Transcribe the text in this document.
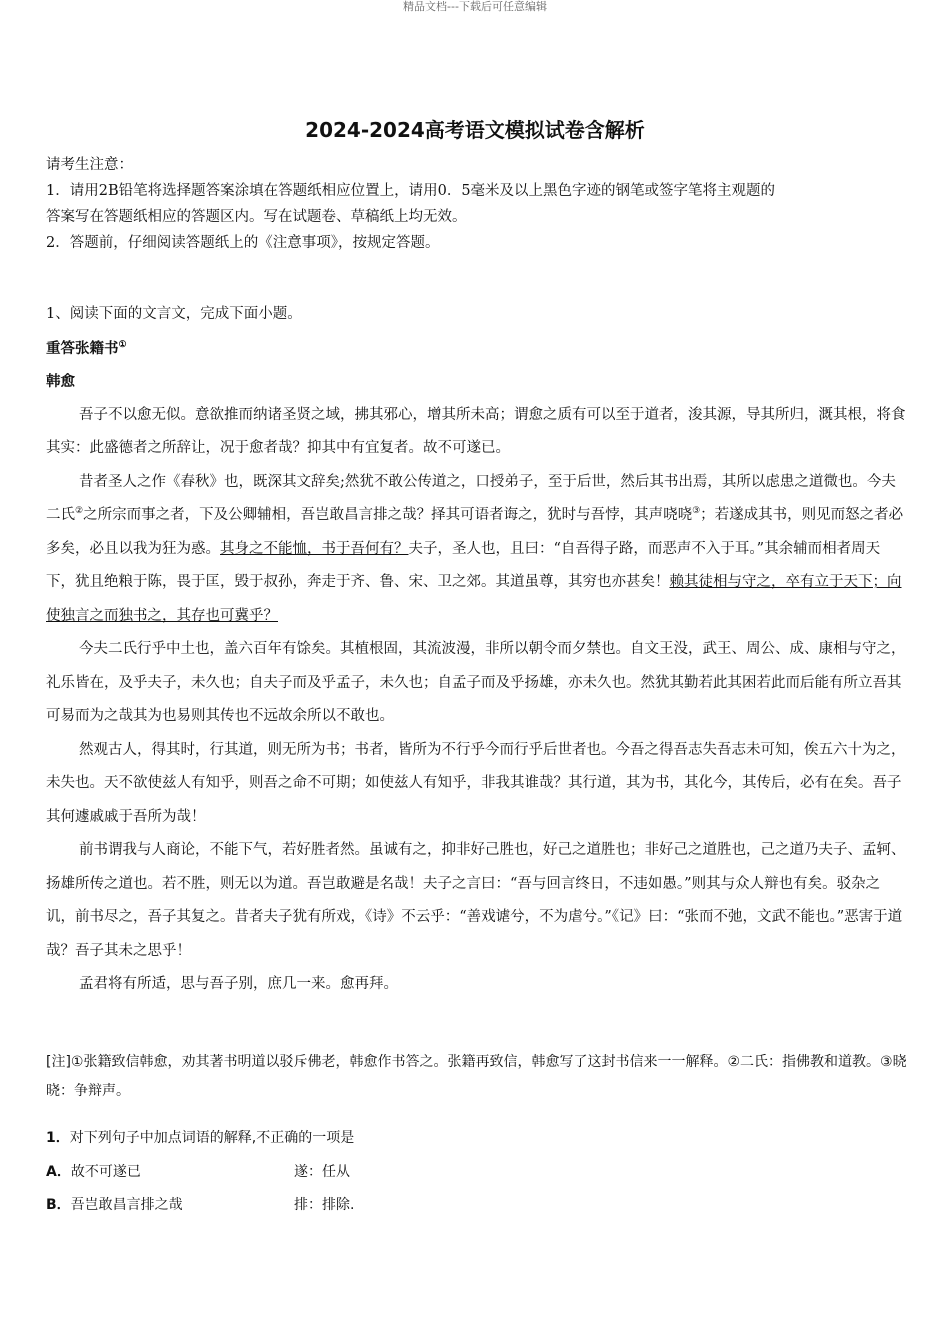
精品文档---下载后可任意编辑
2024-2024高考语文模拟试卷含解析
请考生注意：
1．请用2B铅笔将选择题答案涂填在答题纸相应位置上，请用0．5毫米及以上黑色字迹的钢笔或签字笔将主观题的
答案写在答题纸相应的答题区内。写在试题卷、草稿纸上均无效。
2．答题前，仔细阅读答题纸上的《注意事项》，按规定答题。
1、阅读下面的文言文，完成下面小题。
重答张籍书①
韩愈
吾子不以愈无似。意欲推而纳诸圣贤之域，拂其邪心，增其所未高；谓愈之质有可以至于道者，浚其源，导其所归，溉其根，将食其实：此盛德者之所辞让，况于愈者哉？抑其中有宜复者。故不可遂已。
昔者圣人之作《春秋》也，既深其文辞矣;然犹不敢公传道之，口授弟子，至于后世，然后其书出焉，其所以虑患之道微也。今夫二氏②之所宗而事之者，下及公卿辅相，吾岂敢昌言排之哉？择其可语者诲之，犹时与吾悖，其声哓哓③；若遂成其书，则见而怒之者必多矣，必且以我为狂为惑。其身之不能恤，书于吾何有？夫子，圣人也，且曰：“自吾得子路，而恶声不入于耳。”其余辅而相者周天下，犹且绝粮于陈，畏于匡，毁于叔孙，奔走于齐、鲁、宋、卫之郊。其道虽尊，其穷也亦甚矣！赖其徒相与守之，卒有立于天下；向使独言之而独书之，其存也可冀乎？
今夫二氏行乎中土也，盖六百年有馀矣。其植根固，其流波漫，非所以朝令而夕禁也。自文王没，武王、周公、成、康相与守之，礼乐皆在，及乎夫子，未久也；自夫子而及乎孟子，未久也；自孟子而及乎扬雄，亦未久也。然犹其勤若此其困若此而后能有所立吾其可易而为之哉其为也易则其传也不远故余所以不敢也。
然观古人，得其时，行其道，则无所为书；书者，皆所为不行乎今而行乎后世者也。今吾之得吾志失吾志未可知，俟五六十为之，未失也。天不欲使兹人有知乎，则吾之命不可期；如使兹人有知乎，非我其谁哉？其行道，其为书，其化今，其传后，必有在矣。吾子其何遽戚戚于吾所为哉！
前书谓我与人商论，不能下气，若好胜者然。虽诚有之，抑非好己胜也，好己之道胜也；非好己之道胜也，己之道乃夫子、孟轲、扬雄所传之道也。若不胜，则无以为道。吾岂敢避是名哉！夫子之言曰：“吾与回言终日，不违如愚。”则其与众人辩也有矣。驳杂之讥，前书尽之，吾子其复之。昔者夫子犹有所戏，《诗》不云乎：“善戏谑兮，不为虐兮。”《记》曰：“张而不弛，文武不能也。”恶害于道哉？吾子其未之思乎！
孟君将有所适，思与吾子别，庶几一来。愈再拜。
[注]①张籍致信韩愈，劝其著书明道以驳斥佛老，韩愈作书答之。张籍再致信，韩愈写了这封书信来一一解释。②二氏：指佛教和道教。③晓晓：争辩声。
1．对下列句子中加点词语的解释,不正确的一项是
A．故不可遂已	遂：任从
B．吾岂敢昌言排之哉	排：排除.
